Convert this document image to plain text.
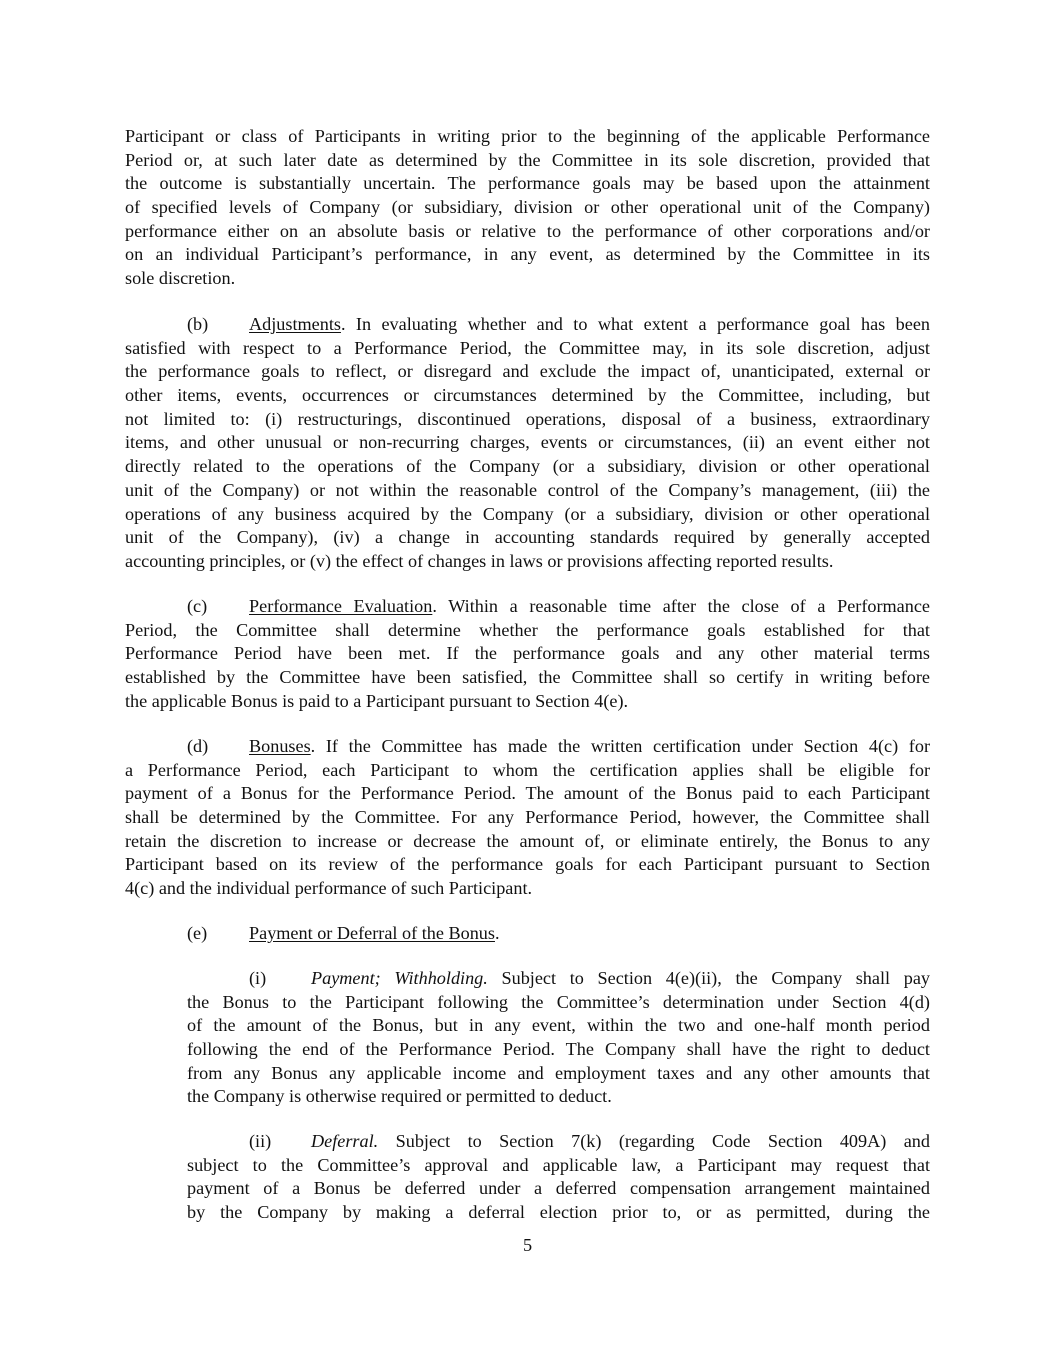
Participant or class of Participants in writing prior to the beginning of the applicable Performance
Period or, at such later date as determined by the Committee in its sole discretion, provided that
the outcome is substantially uncertain. The performance goals may be based upon the attainment
of specified levels of Company (or subsidiary, division or other operational unit of the Company)
performance either on an absolute basis or relative to the performance of other corporations and/or
on an individual Participant’s performance, in any event, as determined by the Committee in its
sole discretion.
(b) Adjustments. In evaluating whether and to what extent a performance goal has been
satisfied with respect to a Performance Period, the Committee may, in its sole discretion, adjust
the performance goals to reflect, or disregard and exclude the impact of, unanticipated, external or
other items, events, occurrences or circumstances determined by the Committee, including, but
not limited to: (i) restructurings, discontinued operations, disposal of a business, extraordinary
items, and other unusual or non-recurring charges, events or circumstances, (ii) an event either not
directly related to the operations of the Company (or a subsidiary, division or other operational
unit of the Company) or not within the reasonable control of the Company’s management, (iii) the
operations of any business acquired by the Company (or a subsidiary, division or other operational
unit of the Company), (iv) a change in accounting standards required by generally accepted
accounting principles, or (v) the effect of changes in laws or provisions affecting reported results.
(c) Performance Evaluation. Within a reasonable time after the close of a Performance
Period, the Committee shall determine whether the performance goals established for that
Performance Period have been met. If the performance goals and any other material terms
established by the Committee have been satisfied, the Committee shall so certify in writing before
the applicable Bonus is paid to a Participant pursuant to Section 4(e).
(d) Bonuses. If the Committee has made the written certification under Section 4(c) for
a Performance Period, each Participant to whom the certification applies shall be eligible for
payment of a Bonus for the Performance Period. The amount of the Bonus paid to each Participant
shall be determined by the Committee. For any Performance Period, however, the Committee shall
retain the discretion to increase or decrease the amount of, or eliminate entirely, the Bonus to any
Participant based on its review of the performance goals for each Participant pursuant to Section
4(c) and the individual performance of such Participant.
(e) Payment or Deferral of the Bonus.
(i) Payment; Withholding. Subject to Section 4(e)(ii), the Company shall pay
the Bonus to the Participant following the Committee’s determination under Section 4(d)
of the amount of the Bonus, but in any event, within the two and one-half month period
following the end of the Performance Period. The Company shall have the right to deduct
from any Bonus any applicable income and employment taxes and any other amounts that
the Company is otherwise required or permitted to deduct.
(ii) Deferral. Subject to Section 7(k) (regarding Code Section 409A) and
subject to the Committee’s approval and applicable law, a Participant may request that
payment of a Bonus be deferred under a deferred compensation arrangement maintained
by the Company by making a deferral election prior to, or as permitted, during the
5
